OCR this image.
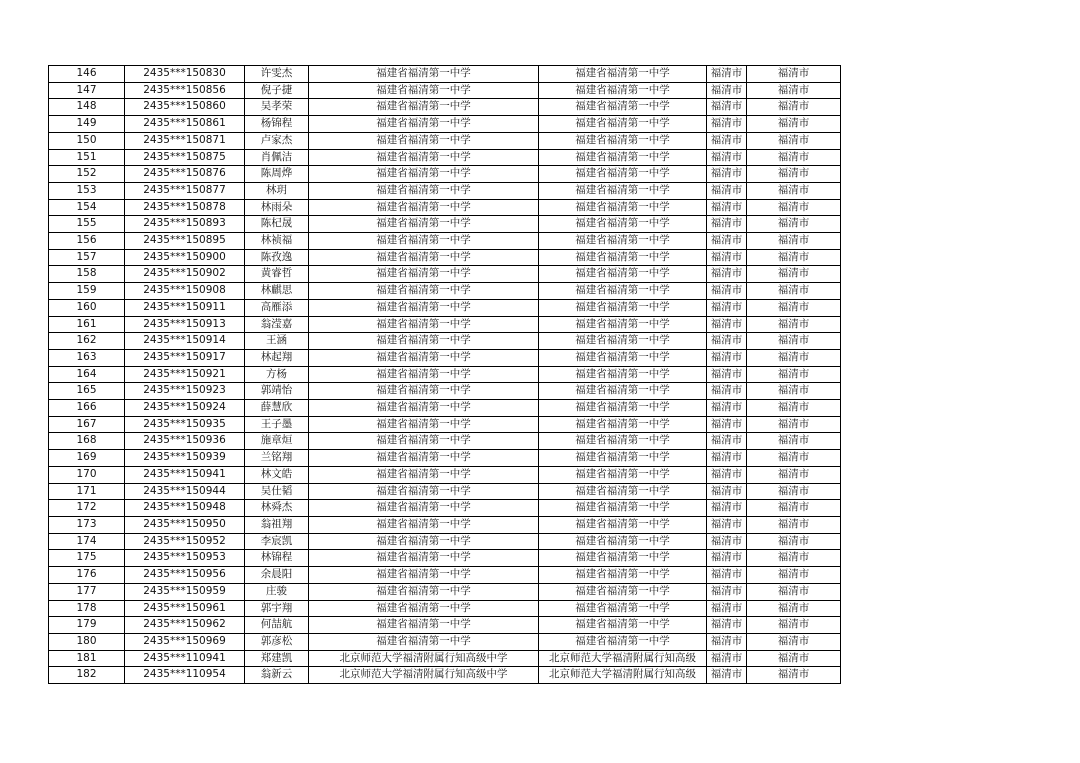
146	2435***150830	许雯杰	福建省福清第一中学	福建省福清第一中学	福清市	福清市
147	2435***150856	倪子捷	福建省福清第一中学	福建省福清第一中学	福清市	福清市
148	2435***150860	吴孝荣	福建省福清第一中学	福建省福清第一中学	福清市	福清市
149	2435***150861	杨锦程	福建省福清第一中学	福建省福清第一中学	福清市	福清市
150	2435***150871	卢家杰	福建省福清第一中学	福建省福清第一中学	福清市	福清市
151	2435***150875	肖佩洁	福建省福清第一中学	福建省福清第一中学	福清市	福清市
152	2435***150876	陈周烨	福建省福清第一中学	福建省福清第一中学	福清市	福清市
153	2435***150877	林玥	福建省福清第一中学	福建省福清第一中学	福清市	福清市
154	2435***150878	林雨朵	福建省福清第一中学	福建省福清第一中学	福清市	福清市
155	2435***150893	陈杞晟	福建省福清第一中学	福建省福清第一中学	福清市	福清市
156	2435***150895	林祯福	福建省福清第一中学	福建省福清第一中学	福清市	福清市
157	2435***150900	陈孜逸	福建省福清第一中学	福建省福清第一中学	福清市	福清市
158	2435***150902	黄睿哲	福建省福清第一中学	福建省福清第一中学	福清市	福清市
159	2435***150908	林麒思	福建省福清第一中学	福建省福清第一中学	福清市	福清市
160	2435***150911	高雁添	福建省福清第一中学	福建省福清第一中学	福清市	福清市
161	2435***150913	翁滢嘉	福建省福清第一中学	福建省福清第一中学	福清市	福清市
162	2435***150914	王涵	福建省福清第一中学	福建省福清第一中学	福清市	福清市
163	2435***150917	林起翔	福建省福清第一中学	福建省福清第一中学	福清市	福清市
164	2435***150921	方杨	福建省福清第一中学	福建省福清第一中学	福清市	福清市
165	2435***150923	郭靖怡	福建省福清第一中学	福建省福清第一中学	福清市	福清市
166	2435***150924	薛慧欣	福建省福清第一中学	福建省福清第一中学	福清市	福清市
167	2435***150935	王子墨	福建省福清第一中学	福建省福清第一中学	福清市	福清市
168	2435***150936	施章烜	福建省福清第一中学	福建省福清第一中学	福清市	福清市
169	2435***150939	兰铭翔	福建省福清第一中学	福建省福清第一中学	福清市	福清市
170	2435***150941	林文皓	福建省福清第一中学	福建省福清第一中学	福清市	福清市
171	2435***150944	吴仕韬	福建省福清第一中学	福建省福清第一中学	福清市	福清市
172	2435***150948	林舜杰	福建省福清第一中学	福建省福清第一中学	福清市	福清市
173	2435***150950	翁祖翔	福建省福清第一中学	福建省福清第一中学	福清市	福清市
174	2435***150952	李宸凯	福建省福清第一中学	福建省福清第一中学	福清市	福清市
175	2435***150953	林锦程	福建省福清第一中学	福建省福清第一中学	福清市	福清市
176	2435***150956	余晨阳	福建省福清第一中学	福建省福清第一中学	福清市	福清市
177	2435***150959	庄骏	福建省福清第一中学	福建省福清第一中学	福清市	福清市
178	2435***150961	郭宇翔	福建省福清第一中学	福建省福清第一中学	福清市	福清市
179	2435***150962	何喆航	福建省福清第一中学	福建省福清第一中学	福清市	福清市
180	2435***150969	郭彦松	福建省福清第一中学	福建省福清第一中学	福清市	福清市
181	2435***110941	郑建凯	北京师范大学福清附属行知高级中学	北京师范大学福清附属行知高级	福清市	福清市
182	2435***110954	翁新云	北京师范大学福清附属行知高级中学	北京师范大学福清附属行知高级	福清市	福清市
